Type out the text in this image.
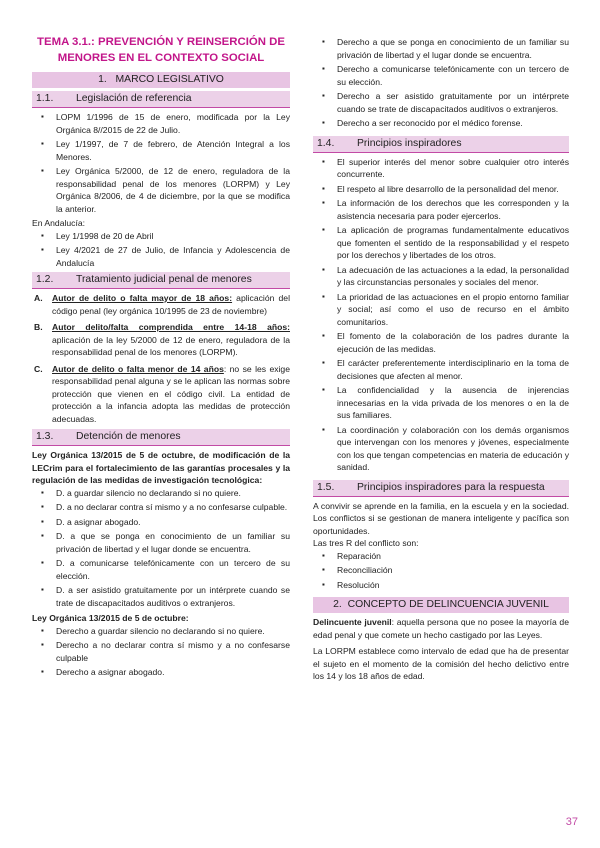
TEMA 3.1.: PREVENCIÓN Y REINSERCIÓN DE
MENORES EN EL CONTEXTO SOCIAL
1. MARCO LEGISLATIVO
1.1. Legislación de referencia
▪ LOPM 1/1996 de 15 de enero, modificada por la Ley Orgánica 8//2015 de 22 de Julio.
▪ Ley 1/1997, de 7 de febrero, de Atención Integral a los Menores.
▪ Ley Orgánica 5/2000, de 12 de enero, reguladora de la responsabilidad penal de los menores (LORPM) y Ley Orgánica 8/2006, de 4 de diciembre, por la que se modifica la anterior.

En Andalucía:

▪ Ley 1/1998 de 20 de Abril
▪ Ley 4/2021 de 27 de Julio, de Infancia y Adolescencia de Andalucía
1.2. Tratamiento judicial penal de menores
A. Autor de delito o falta mayor de 18 años: aplicación del código penal (ley orgánica 10/1995 de 23 de noviembre)
B. Autor delito/falta comprendida entre 14-18 años: aplicación de la ley 5/2000 de 12 de enero, reguladora de la responsabilidad penal de los menores (LORPM).
C. Autor de delito o falta menor de 14 años: no se les exige responsabilidad penal alguna y se le aplican las normas sobre protección que vienen en el código civil. La entidad de protección a la infancia adopta las medidas de protección adecuadas.
1.3. Detención de menores

Ley Orgánica 13/2015 de 5 de octubre, de modificación de la LECrim para el fortalecimiento de las garantías procesales y la regulación de las medidas de investigación tecnológica:

▪ D. a guardar silencio no declarando si no quiere.
▪ D. a no declarar contra sí mismo y a no confesarse culpable.
▪ D. a asignar abogado.
▪ D. a que se ponga en conocimiento de un familiar su privación de libertad y el lugar donde se encuentra.
▪ D. a comunicarse telefónicamente con un tercero de su elección.
▪ D. a ser asistido gratuitamente por un intérprete cuando se trate de discapacitados auditivos o extranjeros.

Ley Orgánica 13/2015 de 5 de octubre:

▪ Derecho a guardar silencio no declarando si no quiere.
▪ Derecho a no declarar contra sí mismo y a no confesarse culpable
▪ Derecho a asignar abogado.
▪ Derecho a que se ponga en conocimiento de un familiar su privación de libertad y el lugar donde se encuentra.
▪ Derecho a comunicarse telefónicamente con un tercero de su elección.
▪ Derecho a ser asistido gratuitamente por un intérprete cuando se trate de discapacitados auditivos o extranjeros.
▪ Derecho a ser reconocido por el médico forense.
1.4. Principios inspiradores
▪ El superior interés del menor sobre cualquier otro interés concurrente.
▪ El respeto al libre desarrollo de la personalidad del menor.
▪ La información de los derechos que les corresponden y la asistencia necesaria para poder ejercerlos.
▪ La aplicación de programas fundamentalmente educativos que fomenten el sentido de la responsabilidad y el respeto por los derechos y libertades de los otros.
▪ La adecuación de las actuaciones a la edad, la personalidad y las circunstancias personales y sociales del menor.
▪ La prioridad de las actuaciones en el propio entorno familiar y social; así como el uso de recurso en el ámbito comunitarios.
▪ El fomento de la colaboración de los padres durante la ejecución de las medidas.
▪ El carácter preferentemente interdisciplinario en la toma de decisiones que afecten al menor.
▪ La confidencialidad y la ausencia de injerencias innecesarias en la vida privada de los menores o en la de sus familiares.
▪ La coordinación y colaboración con los demás organismos que intervengan con los menores y jóvenes, especialmente con los que tengan competencias en materia de educación y sanidad.
1.5. Principios inspiradores para la respuesta

A convivir se aprende en la familia, en la escuela y en la sociedad. Los conflictos si se gestionan de manera inteligente y pacífica son oportunidades.

Las tres R del conflicto son:

▪ Reparación
▪ Reconciliación
▪ Resolución
2. CONCEPTO DE DELINCUENCIA JUVENIL

Delincuente juvenil: aquella persona que no posee la mayoría de edad penal y que comete un hecho castigado por las Leyes.

La LORPM establece como intervalo de edad que ha de presentar el sujeto en el momento de la comisión del hecho delictivo entre los 14 y los 18 años de edad.

37
